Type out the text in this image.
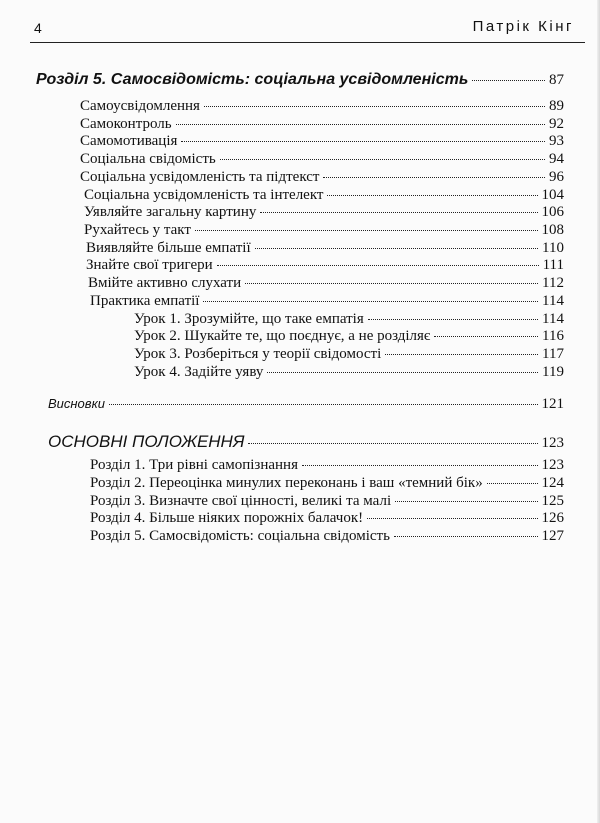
4	Патрік Кінг
Розділ 5. Самосвідомість: соціальна усвідомленість	87
Самоусвідомлення	89
Самоконтроль	92
Самомотивація	93
Соціальна свідомість	94
Соціальна усвідомленість та підтекст	96
Соціальна усвідомленість та інтелект	104
Уявляйте загальну картину	106
Рухайтесь у такт	108
Виявляйте більше емпатії	110
Знайте свої тригери	111
Вмійте активно слухати	112
Практика емпатії	114
Урок 1. Зрозумійте, що таке емпатія	114
Урок 2. Шукайте те, що поєднує, а не розділяє	116
Урок 3. Розберіться у теорії свідомості	117
Урок 4. Задійте уяву	119
Висновки	121
ОСНОВНІ ПОЛОЖЕННЯ	123
Розділ 1. Три рівні самопізнання	123
Розділ 2. Переоцінка минулих переконань і ваш «темний бік»	124
Розділ 3. Визначте свої цінності, великі та малі	125
Розділ 4. Більше ніяких порожніх балачок!	126
Розділ 5. Самосвідомість: соціальна свідомість	127
